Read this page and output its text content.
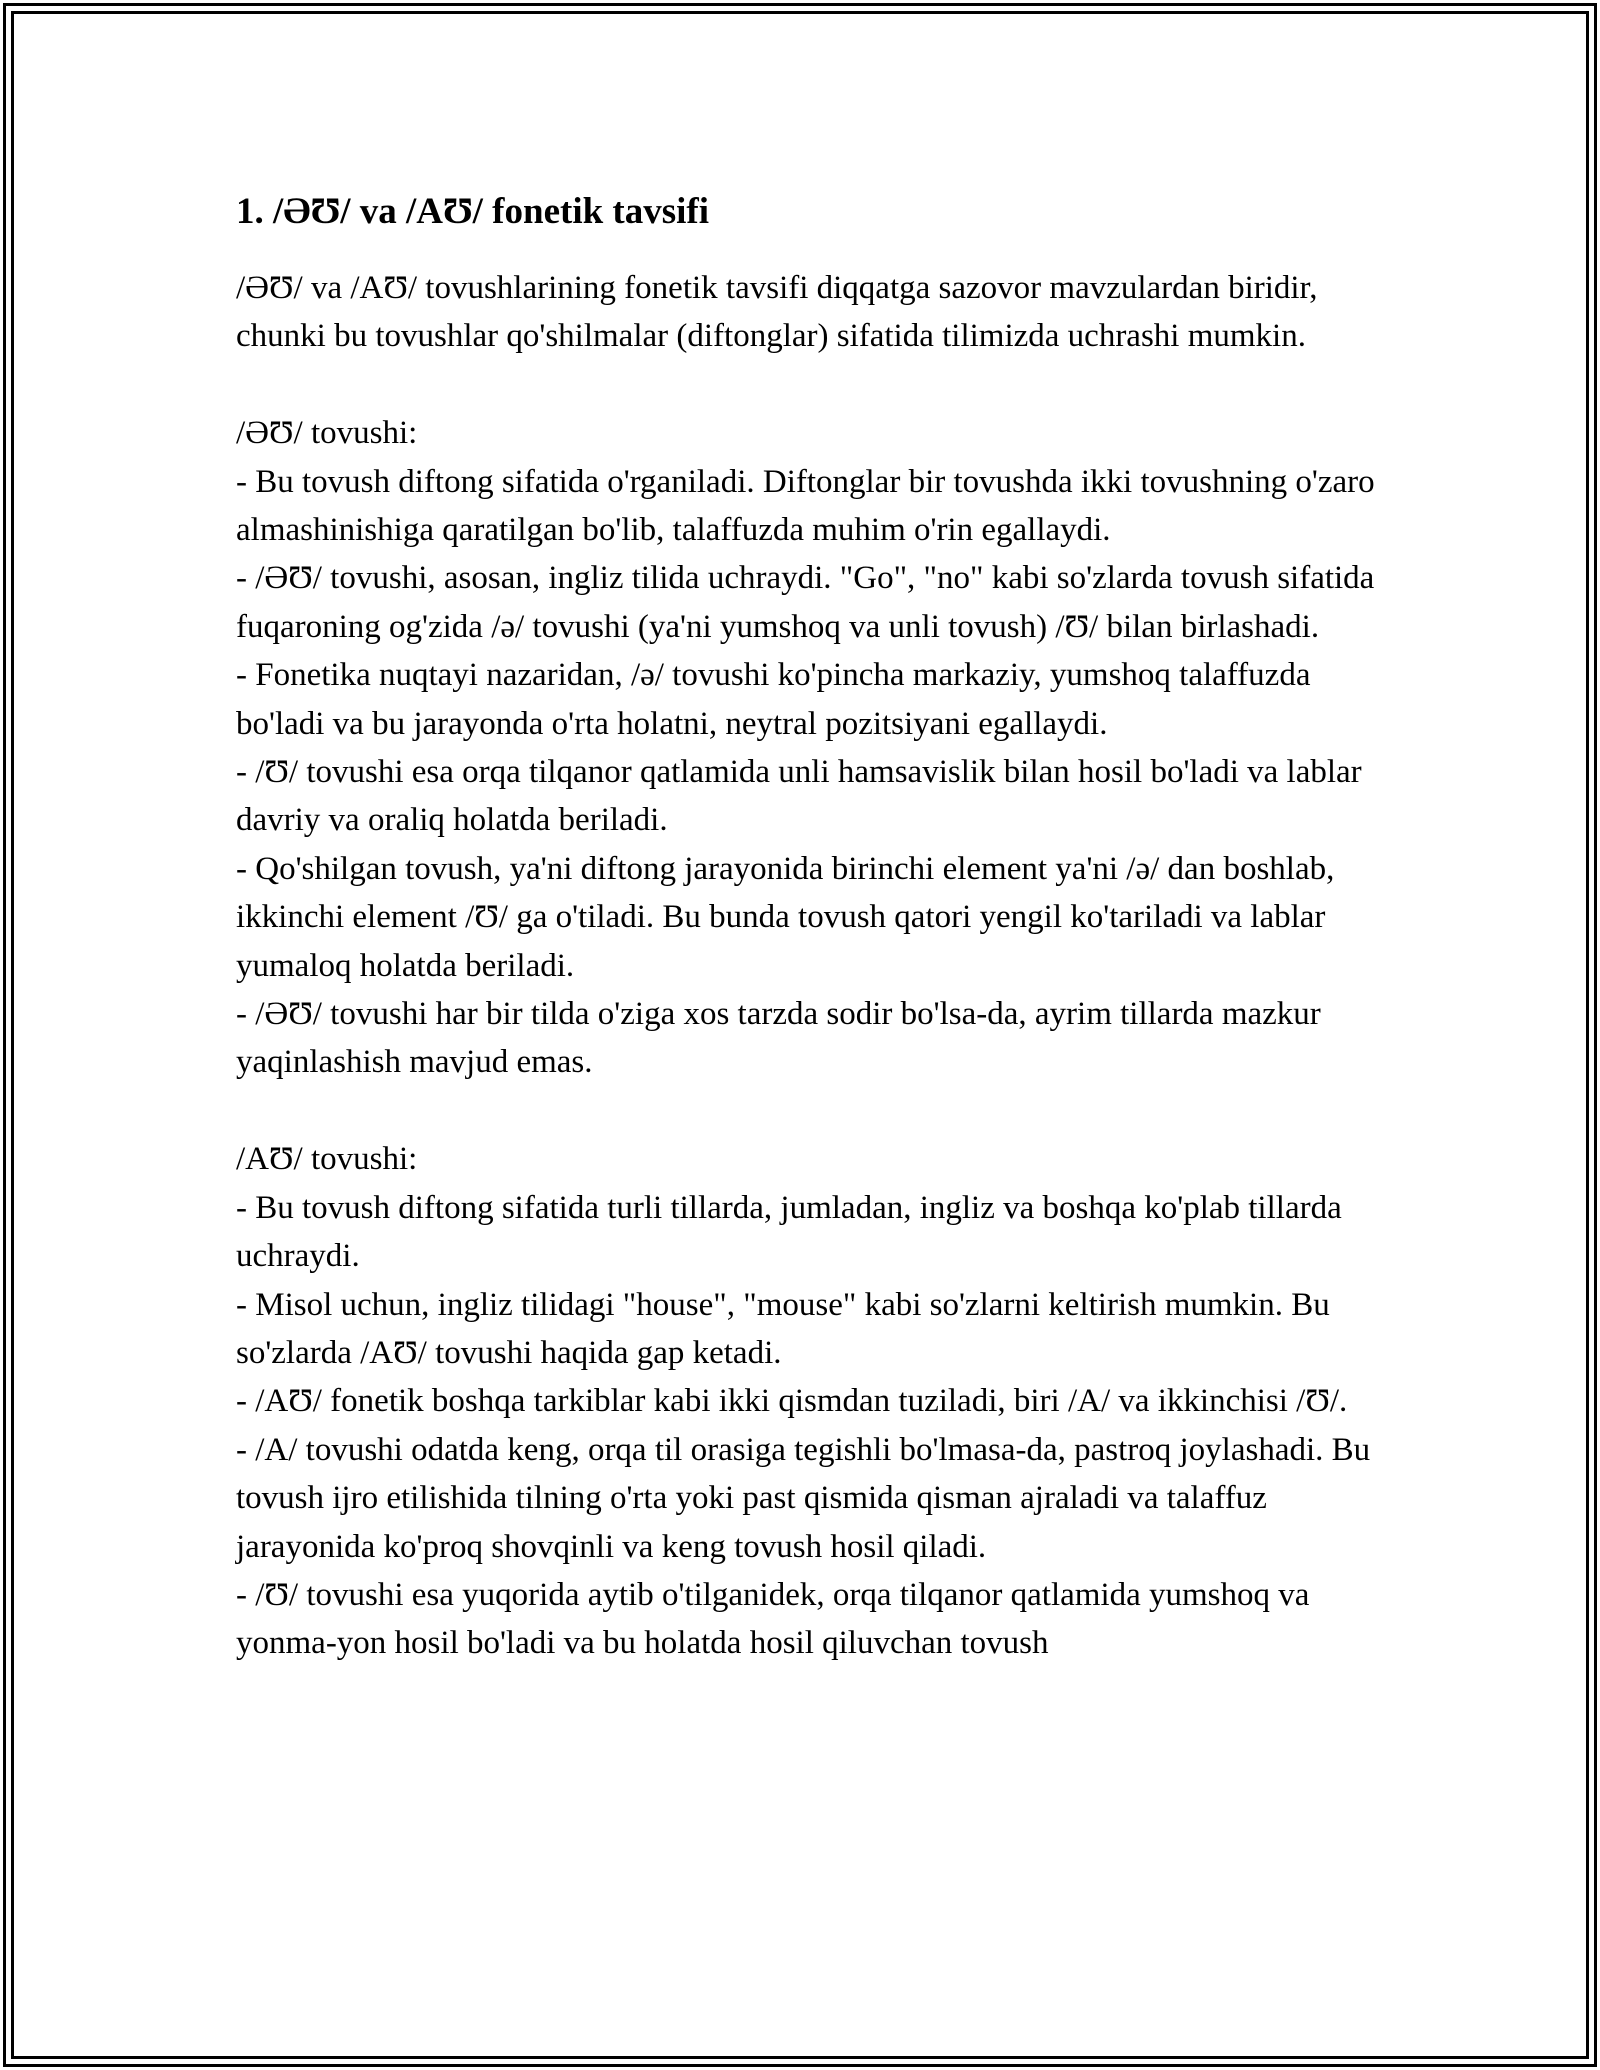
1. /ƏƱ/ va /AƱ/ fonetik tavsifi

/ƏƱ/ va /AƱ/ tovushlarining fonetik tavsifi diqqatga sazovor mavzulardan biridir, chunki bu tovushlar qo'shilmalar (diftonglar) sifatida tilimizda uchrashi mumkin.

/ƏƱ/ tovushi:

- Bu tovush diftong sifatida o'rganiladi. Diftonglar bir tovushda ikki tovushning o'zaro almashinishiga qaratilgan bo'lib, talaffuzda muhim o'rin egallaydi.

- /ƏƱ/ tovushi, asosan, ingliz tilida uchraydi. "Go", "no" kabi so'zlarda tovush sifatida fuqaroning og'zida /ə/ tovushi (ya'ni yumshoq va unli tovush) /Ʊ/ bilan birlashadi.

- Fonetika nuqtayi nazaridan, /ə/ tovushi ko'pincha markaziy, yumshoq talaffuzda bo'ladi va bu jarayonda o'rta holatni, neytral pozitsiyani egallaydi.

- /Ʊ/ tovushi esa orqa tilqanor qatlamida unli hamsavislik bilan hosil bo'ladi va lablar davriy va oraliq holatda beriladi.

- Qo'shilgan tovush, ya'ni diftong jarayonida birinchi element ya'ni /ə/ dan boshlab, ikkinchi element /Ʊ/ ga o'tiladi. Bu bunda tovush qatori yengil ko'tariladi va lablar yumaloq holatda beriladi.

- /ƏƱ/ tovushi har bir tilda o'ziga xos tarzda sodir bo'lsa-da, ayrim tillarda mazkur yaqinlashish mavjud emas.

/AƱ/ tovushi:

- Bu tovush diftong sifatida turli tillarda, jumladan, ingliz va boshqa ko'plab tillarda uchraydi.

- Misol uchun, ingliz tilidagi "house", "mouse" kabi so'zlarni keltirish mumkin. Bu so'zlarda /AƱ/ tovushi haqida gap ketadi.

- /AƱ/ fonetik boshqa tarkiblar kabi ikki qismdan tuziladi, biri /A/ va ikkinchisi /Ʊ/.

- /A/ tovushi odatda keng, orqa til orasiga tegishli bo'lmasa-da, pastroq joylashadi. Bu tovush ijro etilishida tilning o'rta yoki past qismida qisman ajraladi va talaffuz jarayonida ko'proq shovqinli va keng tovush hosil qiladi.

- /Ʊ/ tovushi esa yuqorida aytib o'tilganidek, orqa tilqanor qatlamida yumshoq va yonma-yon hosil bo'ladi va bu holatda hosil qiluvchan tovush
